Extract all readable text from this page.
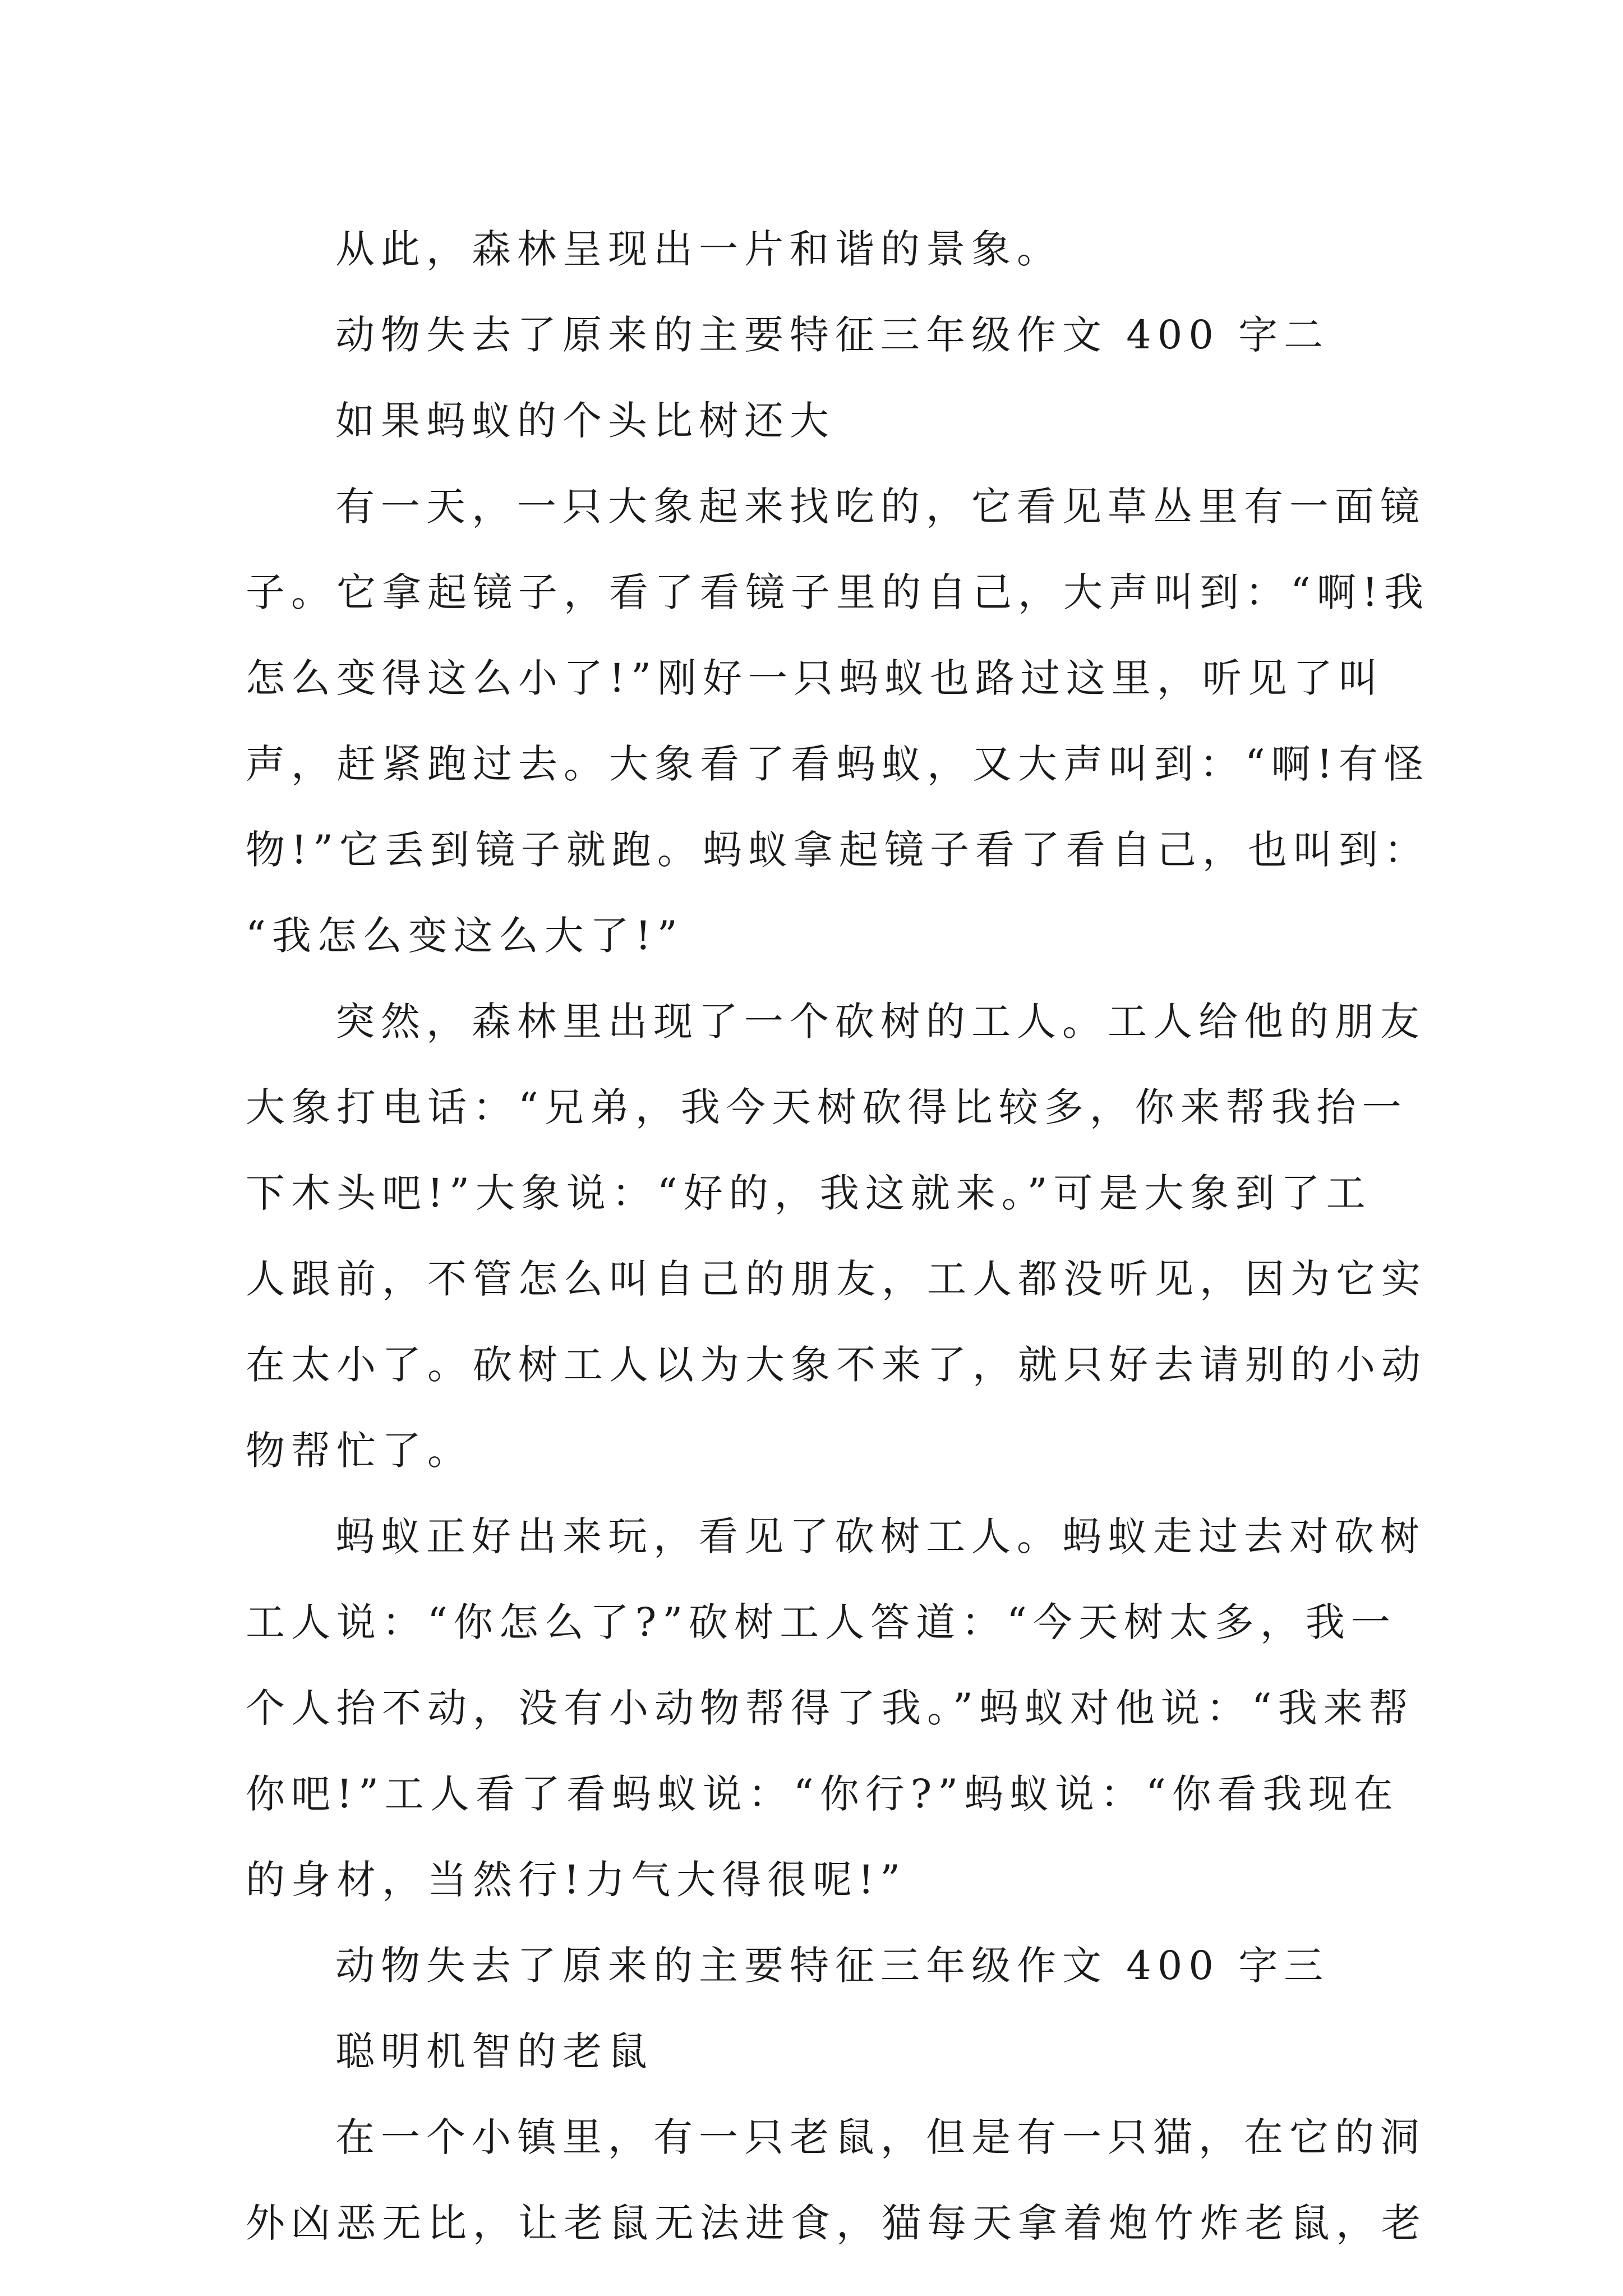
从此，森林呈现出一片和谐的景象。
动物失去了原来的主要特征三年级作文 400 字二
如果蚂蚁的个头比树还大
有一天，一只大象起来找吃的，它看见草丛里有一面镜
子。它拿起镜子，看了看镜子里的自己，大声叫到：“啊!我
怎么变得这么小了!”刚好一只蚂蚁也路过这里，听见了叫
声，赶紧跑过去。大象看了看蚂蚁，又大声叫到：“啊!有怪
物!”它丢到镜子就跑。蚂蚁拿起镜子看了看自己，也叫到：
“我怎么变这么大了!”
突然，森林里出现了一个砍树的工人。工人给他的朋友
大象打电话：“兄弟，我今天树砍得比较多，你来帮我抬一
下木头吧!”大象说：“好的，我这就来。”可是大象到了工
人跟前，不管怎么叫自己的朋友，工人都没听见，因为它实
在太小了。砍树工人以为大象不来了，就只好去请别的小动
物帮忙了。
蚂蚁正好出来玩，看见了砍树工人。蚂蚁走过去对砍树
工人说：“你怎么了?”砍树工人答道：“今天树太多，我一
个人抬不动，没有小动物帮得了我。”蚂蚁对他说：“我来帮
你吧!”工人看了看蚂蚁说：“你行?”蚂蚁说：“你看我现在
的身材，当然行!力气大得很呢!”
动物失去了原来的主要特征三年级作文 400 字三
聪明机智的老鼠
在一个小镇里，有一只老鼠，但是有一只猫，在它的洞
外凶恶无比，让老鼠无法进食，猫每天拿着炮竹炸老鼠，老
